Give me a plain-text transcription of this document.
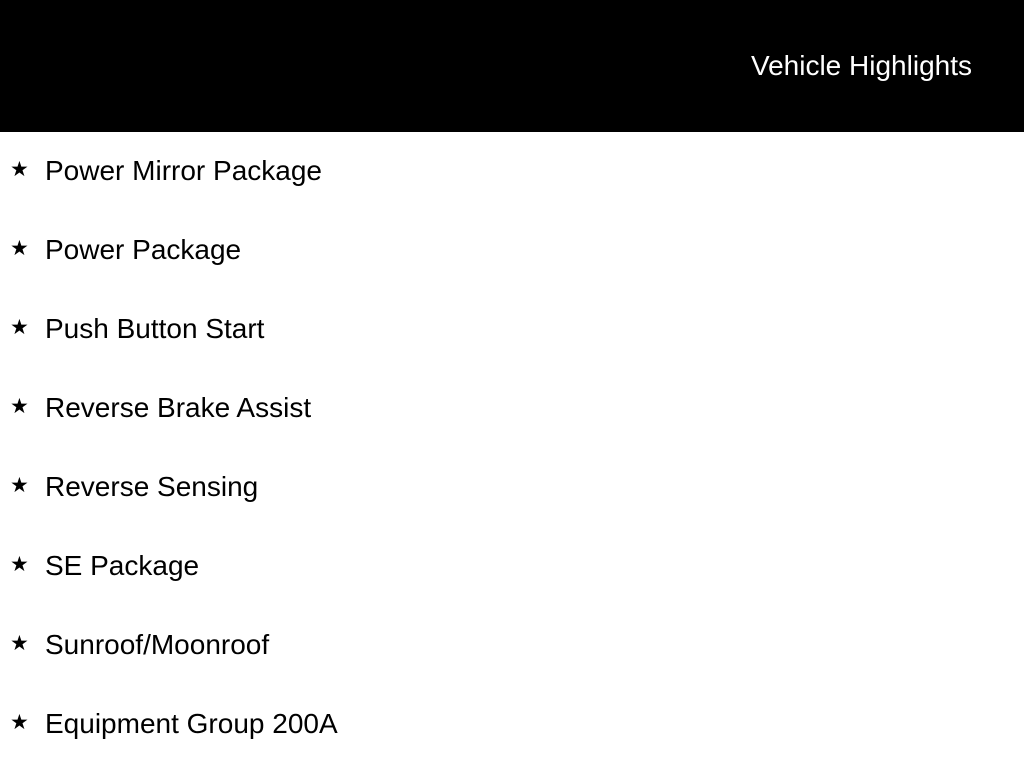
Vehicle Highlights
★ Power Mirror Package
★ Power Package
★ Push Button Start
★ Reverse Brake Assist
★ Reverse Sensing
★ SE Package
★ Sunroof/Moonroof
★ Equipment Group 200A
